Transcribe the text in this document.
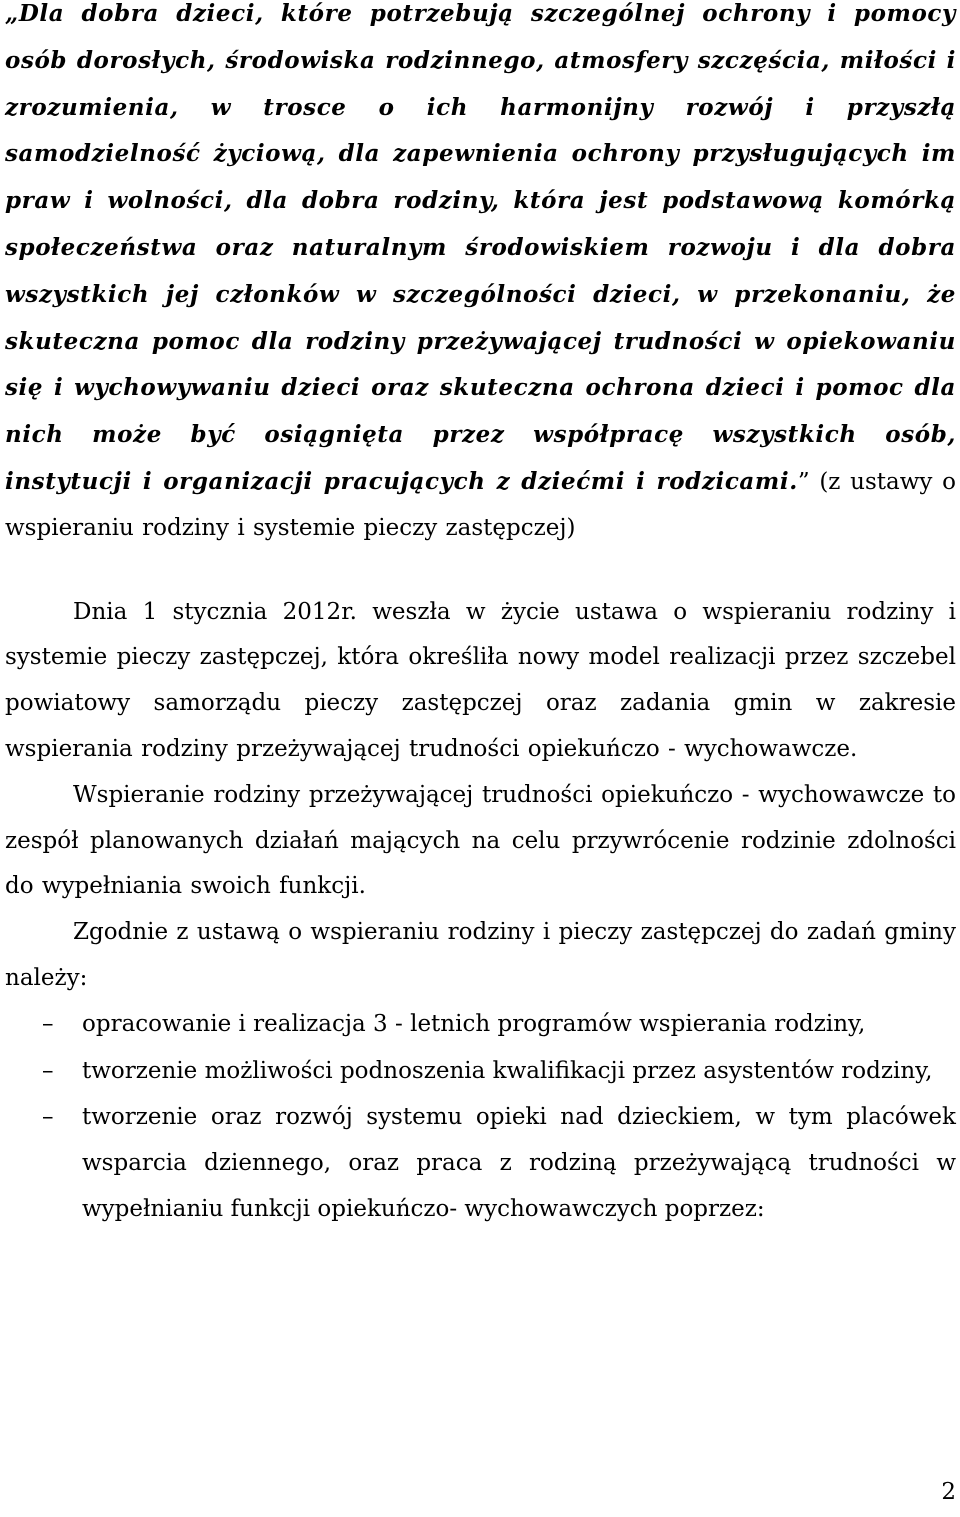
„Dla dobra dzieci, które potrzebują szczególnej ochrony i pomocy osób dorosłych, środowiska rodzinnego, atmosfery szczęścia, miłości i zrozumienia, w trosce o ich harmonijny rozwój i przyszłą samodzielność życiową, dla zapewnienia ochrony przysługujących im praw i wolności, dla dobra rodziny, która jest podstawową komórką społeczeństwa oraz naturalnym środowiskiem rozwoju i dla dobra wszystkich jej członków w szczególności dzieci, w przekonaniu, że skuteczna pomoc dla rodziny przeżywającej trudności w opiekowaniu się i wychowywaniu dzieci oraz skuteczna ochrona dzieci i pomoc dla nich może być osiągnięta przez współpracę wszystkich osób, instytucji i organizacji pracujących z dziećmi i rodzicami.” (z ustawy o wspieraniu rodziny i systemie pieczy zastępczej)

Dnia 1 stycznia 2012r. weszła w życie ustawa o wspieraniu rodziny i systemie pieczy zastępczej, która określiła nowy model realizacji przez szczebel powiatowy samorządu pieczy zastępczej oraz zadania gmin w zakresie wspierania rodziny przeżywającej trudności opiekuńczo - wychowawcze.

Wspieranie rodziny przeżywającej trudności opiekuńczo - wychowawcze to zespół planowanych działań mających na celu przywrócenie rodzinie zdolności do wypełniania swoich funkcji.

Zgodnie z ustawą o wspieraniu rodziny i pieczy zastępczej do zadań gminy należy:

– opracowanie i realizacja 3 - letnich programów wspierania rodziny,
– tworzenie możliwości podnoszenia kwalifikacji przez asystentów rodziny,
– tworzenie oraz rozwój systemu opieki nad dzieckiem, w tym placówek wsparcia dziennego, oraz praca z rodziną przeżywającą trudności w wypełnianiu funkcji opiekuńczo- wychowawczych poprzez:
2
